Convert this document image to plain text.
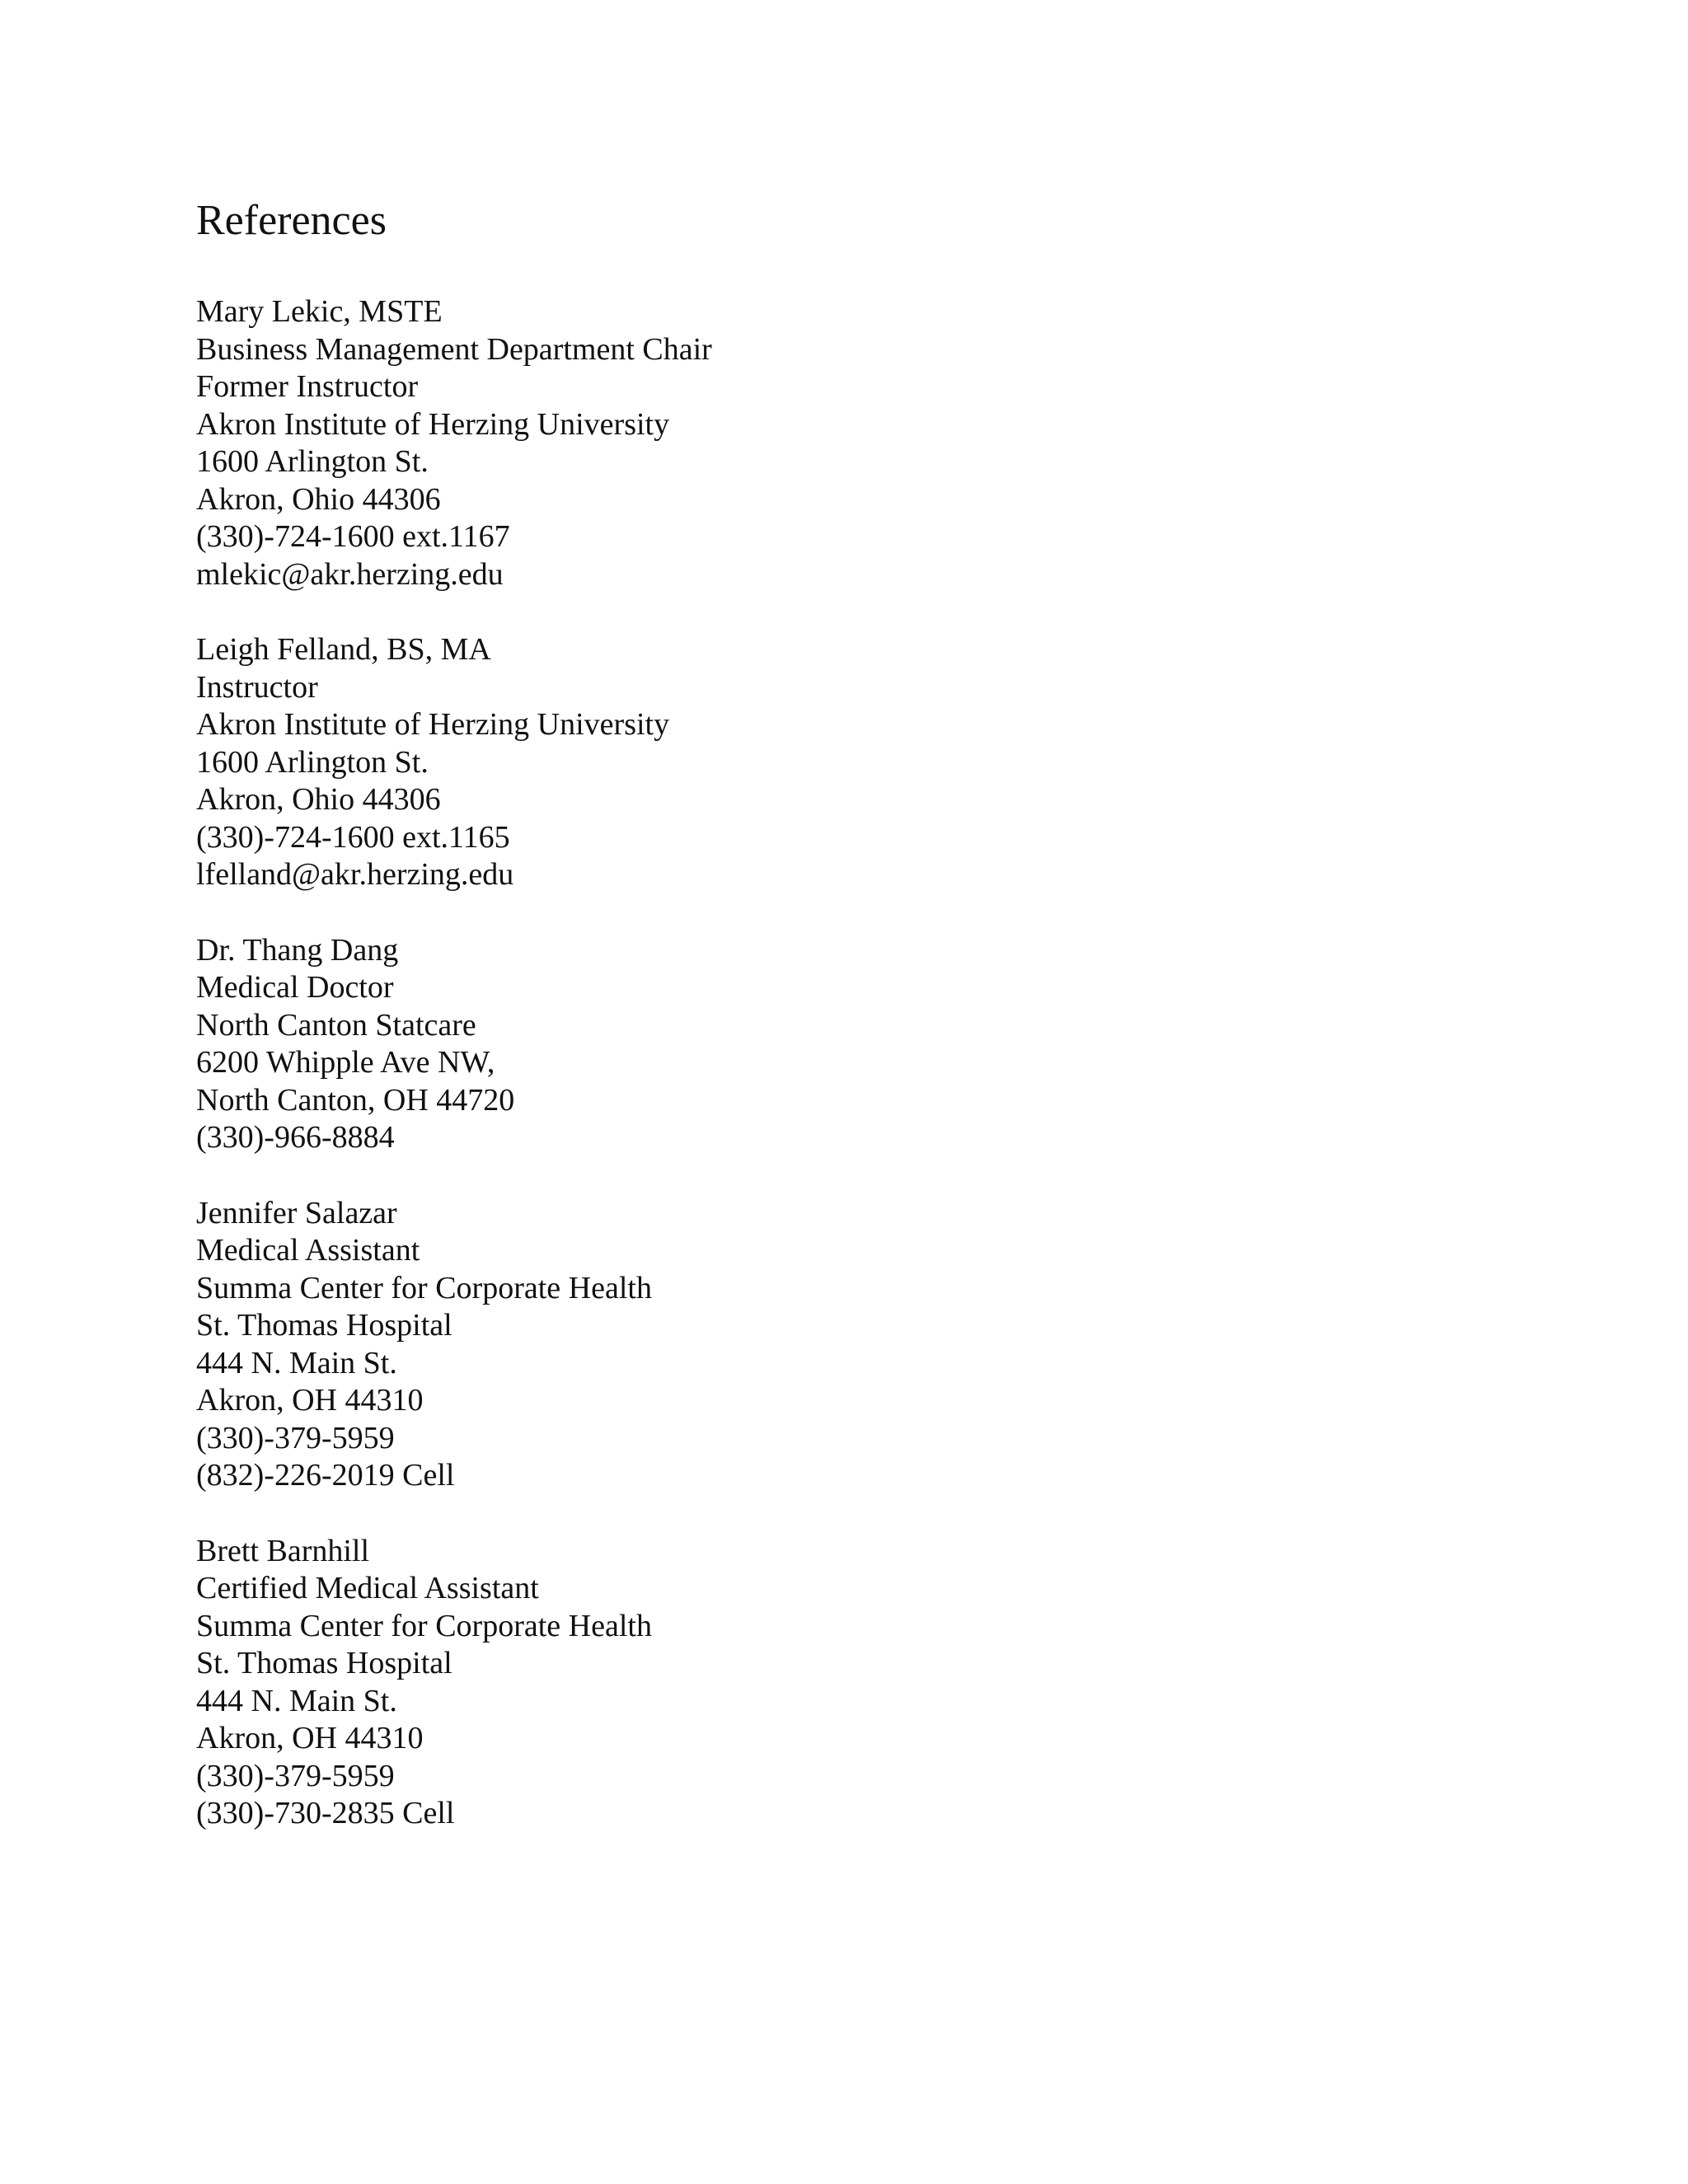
References
Mary Lekic, MSTE
Business Management Department Chair
Former Instructor
Akron Institute of Herzing University
1600 Arlington St.
Akron, Ohio 44306
(330)-724-1600 ext.1167
mlekic@akr.herzing.edu
Leigh Felland, BS, MA
Instructor
Akron Institute of Herzing University
1600 Arlington St.
Akron, Ohio 44306
(330)-724-1600 ext.1165
lfelland@akr.herzing.edu
Dr. Thang Dang
Medical Doctor
North Canton Statcare
6200 Whipple Ave NW,
North Canton, OH 44720
(330)-966-8884
Jennifer Salazar
Medical Assistant
Summa Center for Corporate Health
St. Thomas Hospital
444 N. Main St.
Akron, OH 44310
(330)-379-5959
(832)-226-2019 Cell
Brett Barnhill
Certified Medical Assistant
Summa Center for Corporate Health
St. Thomas Hospital
444 N. Main St.
Akron, OH 44310
(330)-379-5959
(330)-730-2835 Cell
